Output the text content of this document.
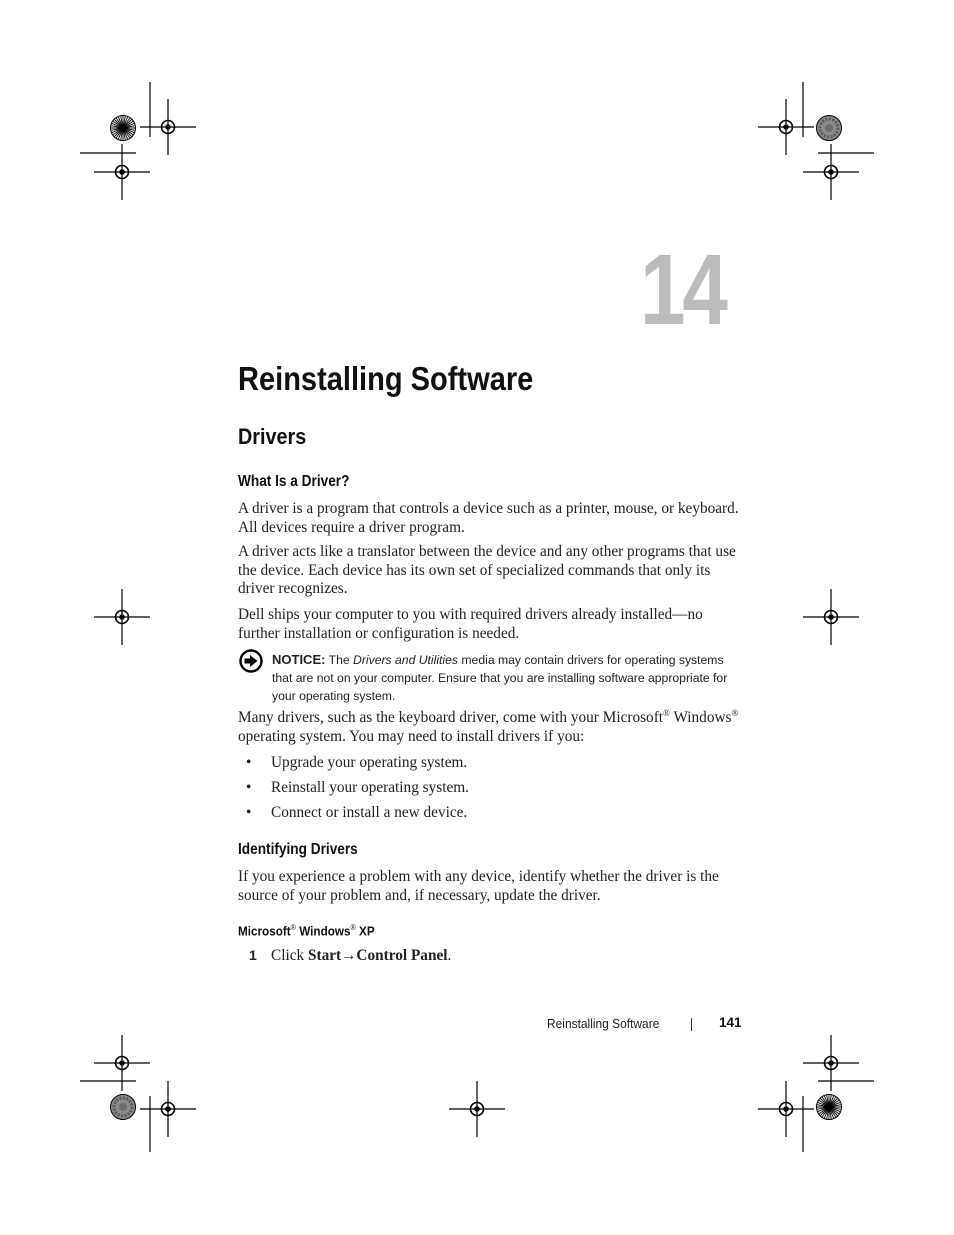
14
Reinstalling Software
Drivers
What Is a Driver?
A driver is a program that controls a device such as a printer, mouse, or keyboard. All devices require a driver program.
A driver acts like a translator between the device and any other programs that use the device. Each device has its own set of specialized commands that only its driver recognizes.
Dell ships your computer to you with required drivers already installed—no further installation or configuration is needed.
NOTICE: The Drivers and Utilities media may contain drivers for operating systems that are not on your computer. Ensure that you are installing software appropriate for your operating system.
Many drivers, such as the keyboard driver, come with your Microsoft® Windows® operating system. You may need to install drivers if you:
• Upgrade your operating system.
• Reinstall your operating system.
• Connect or install a new device.
Identifying Drivers
If you experience a problem with any device, identify whether the driver is the source of your problem and, if necessary, update the driver.
Microsoft® Windows® XP
1 Click Start→Control Panel.
Reinstalling Software	141
